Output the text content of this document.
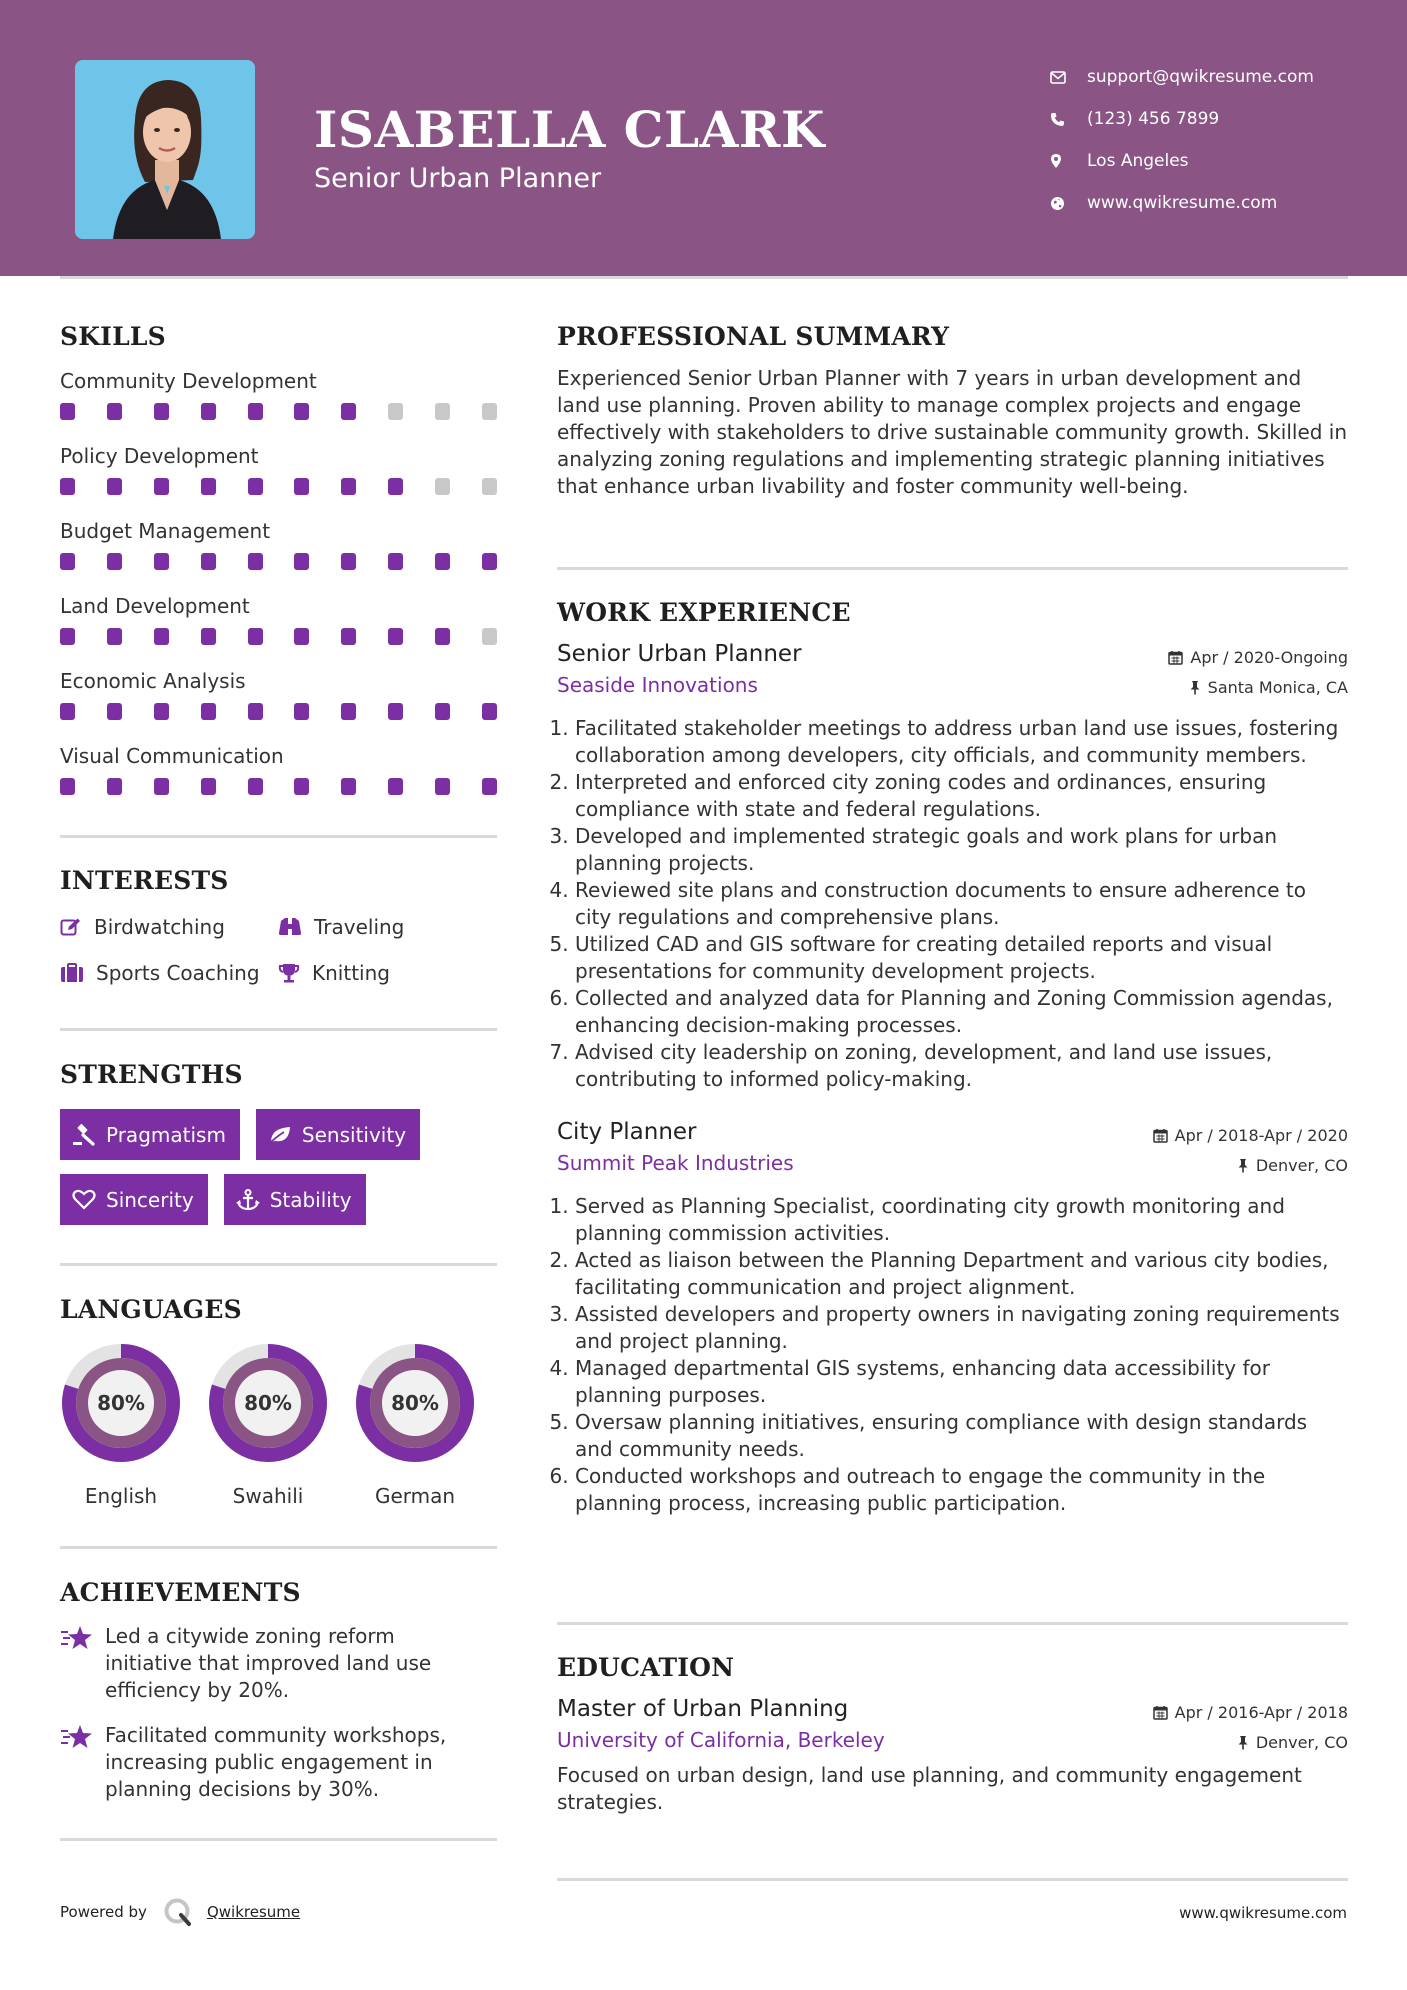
ISABELLA CLARK
Senior Urban Planner
support@qwikresume.com
(123) 456 7899
Los Angeles
www.qwikresume.com
SKILLS
Community Development
Policy Development
Budget Management
Land Development
Economic Analysis
Visual Communication
INTERESTS
Birdwatching	Traveling
Sports Coaching	Knitting
STRENGTHS
Pragmatism	Sensitivity
Sincerity	Stability
LANGUAGES
80%
English
80%
Swahili
80%
German
ACHIEVEMENTS
Led a citywide zoning reform initiative that improved land use efficiency by 20%.
Facilitated community workshops, increasing public engagement in planning decisions by 30%.
PROFESSIONAL SUMMARY
Experienced Senior Urban Planner with 7 years in urban development and land use planning. Proven ability to manage complex projects and engage effectively with stakeholders to drive sustainable community growth. Skilled in analyzing zoning regulations and implementing strategic planning initiatives that enhance urban livability and foster community well-being.
WORK EXPERIENCE
Senior Urban Planner	Apr / 2020-Ongoing
Seaside Innovations	Santa Monica, CA
1. Facilitated stakeholder meetings to address urban land use issues, fostering collaboration among developers, city officials, and community members.
2. Interpreted and enforced city zoning codes and ordinances, ensuring compliance with state and federal regulations.
3. Developed and implemented strategic goals and work plans for urban planning projects.
4. Reviewed site plans and construction documents to ensure adherence to city regulations and comprehensive plans.
5. Utilized CAD and GIS software for creating detailed reports and visual presentations for community development projects.
6. Collected and analyzed data for Planning and Zoning Commission agendas, enhancing decision-making processes.
7. Advised city leadership on zoning, development, and land use issues, contributing to informed policy-making.
City Planner	Apr / 2018-Apr / 2020
Summit Peak Industries	Denver, CO
1. Served as Planning Specialist, coordinating city growth monitoring and planning commission activities.
2. Acted as liaison between the Planning Department and various city bodies, facilitating communication and project alignment.
3. Assisted developers and property owners in navigating zoning requirements and project planning.
4. Managed departmental GIS systems, enhancing data accessibility for planning purposes.
5. Oversaw planning initiatives, ensuring compliance with design standards and community needs.
6. Conducted workshops and outreach to engage the community in the planning process, increasing public participation.
EDUCATION
Master of Urban Planning	Apr / 2016-Apr / 2018
University of California, Berkeley	Denver, CO
Focused on urban design, land use planning, and community engagement strategies.
Powered by	Qwikresume	www.qwikresume.com
